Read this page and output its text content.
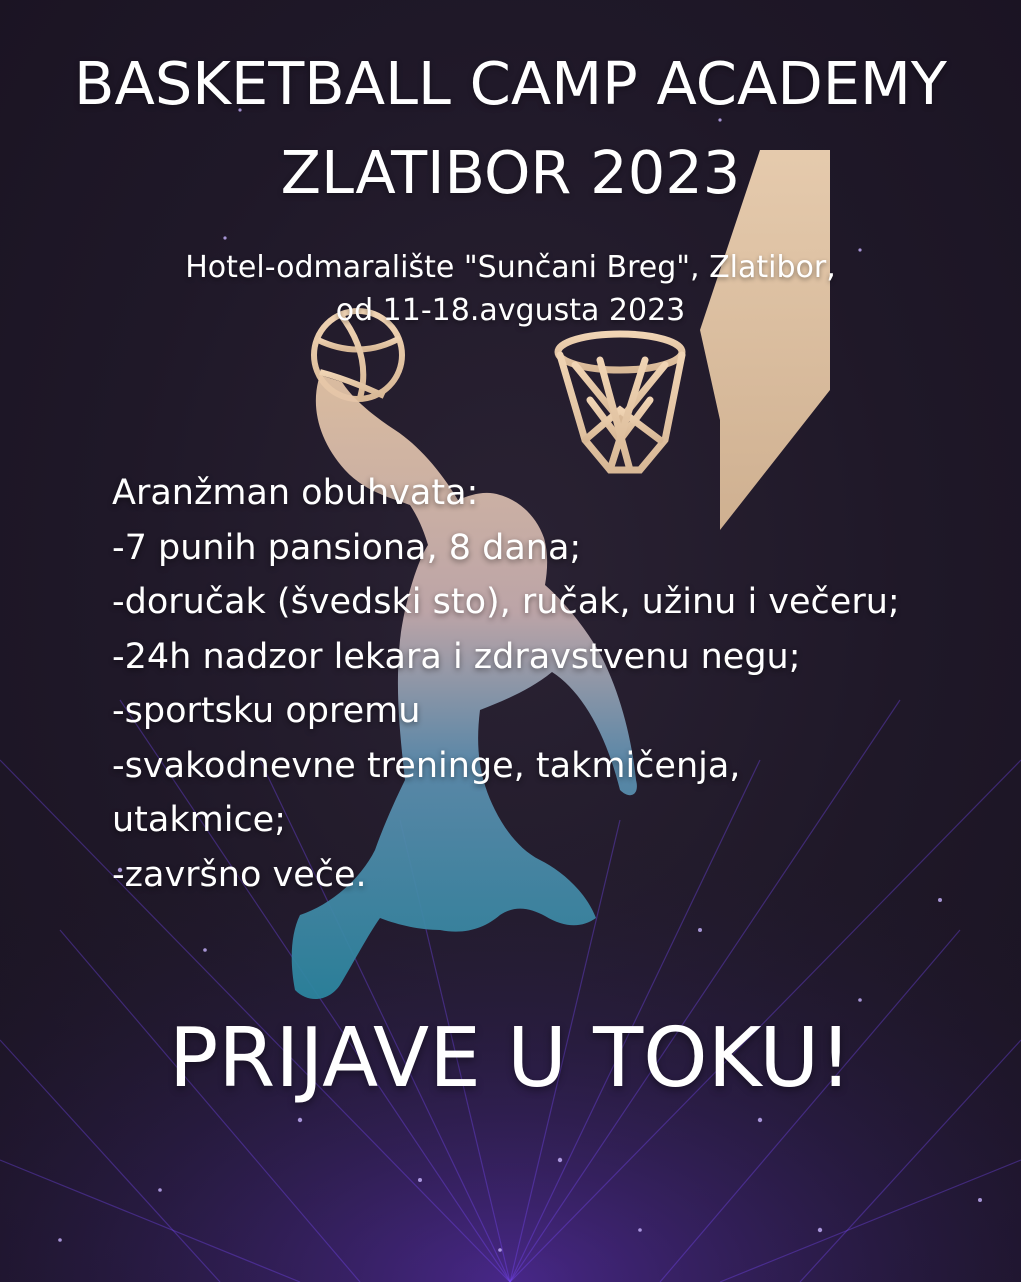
BASKETBALL CAMP ACADEMY
ZLATIBOR 2023
Hotel-odmaralište "Sunčani Breg", Zlatibor,
od 11-18.avgusta 2023
Aranžman obuhvata:
-7 punih pansiona, 8 dana;
-doručak (švedski sto), ručak, užinu i večeru;
-24h nadzor lekara i zdravstvenu negu;
-sportsku opremu
-svakodnevne treninge, takmičenja,
utakmice;
-završno veče.
PRIJAVE U TOKU!
